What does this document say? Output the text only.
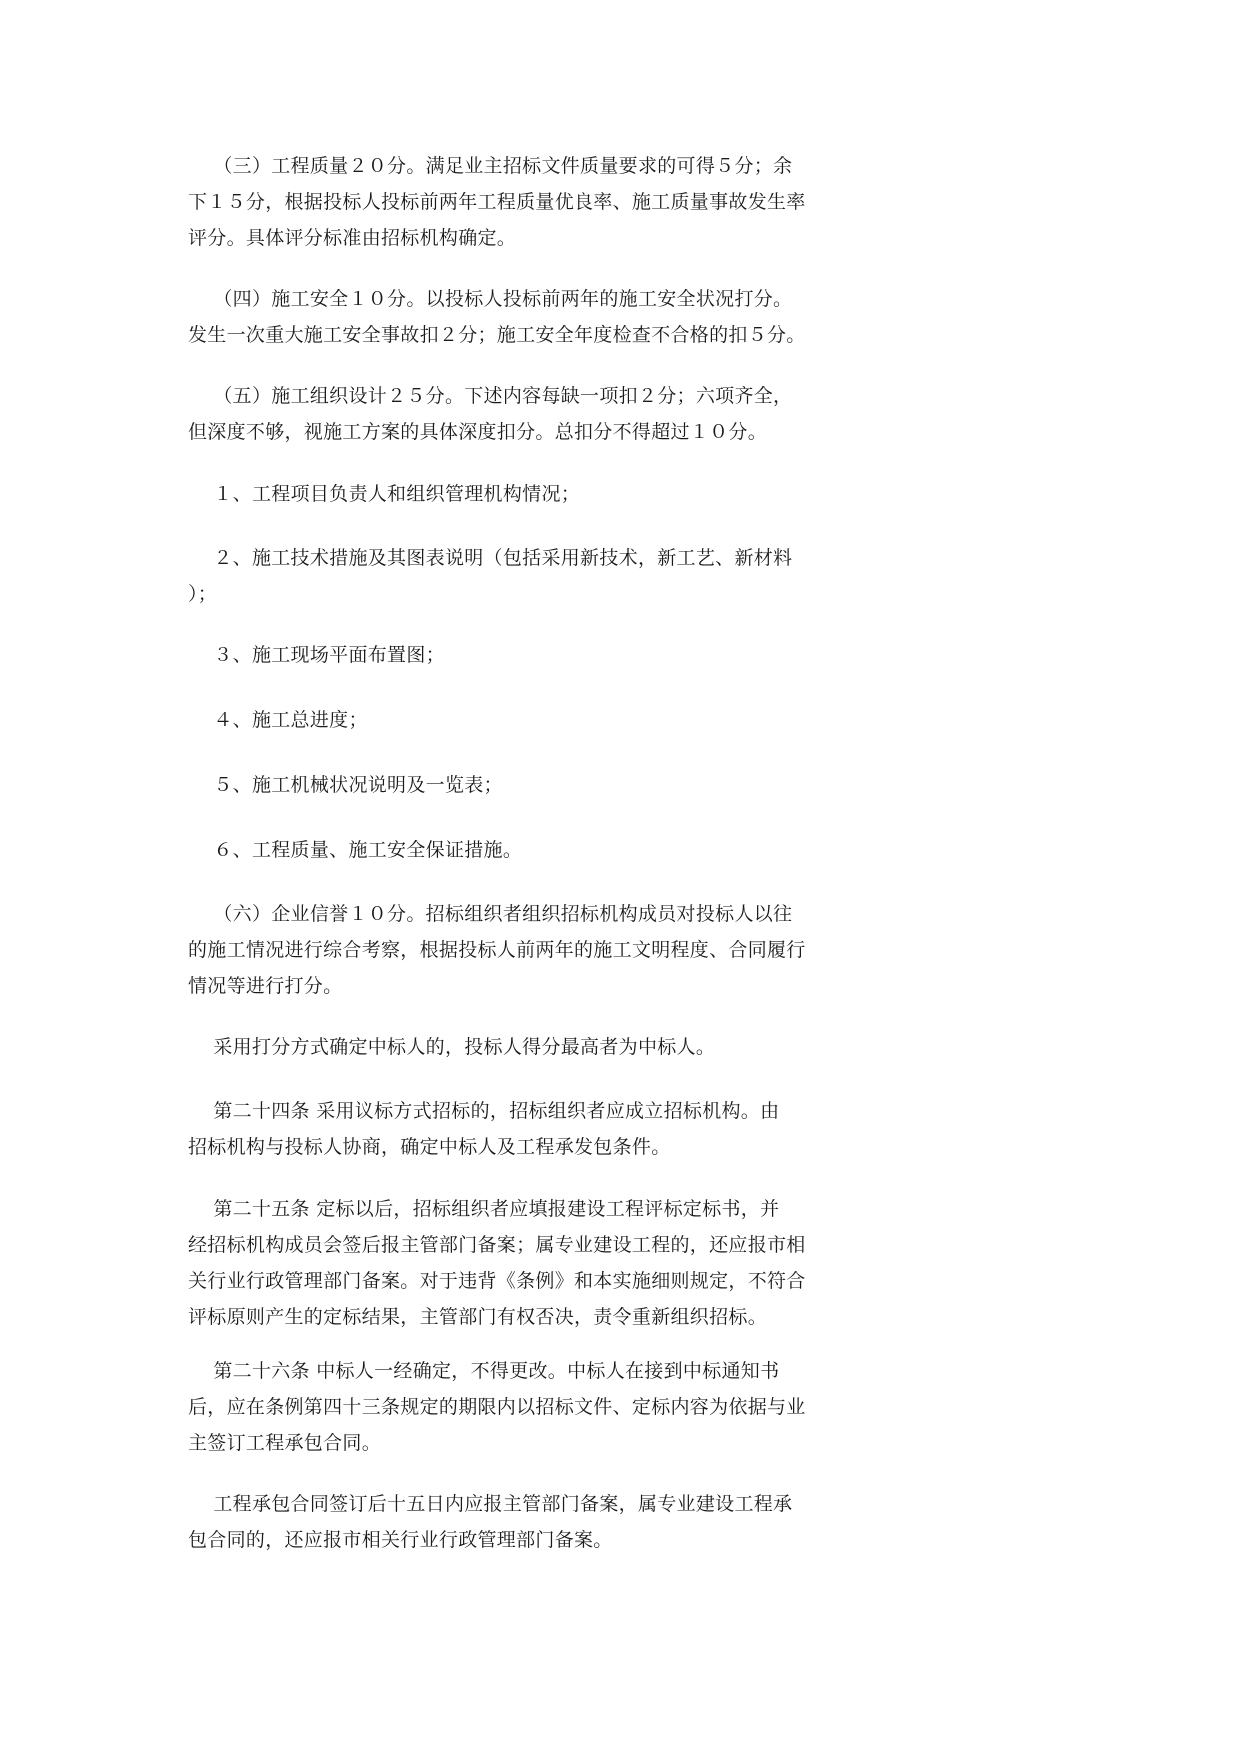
（三）工程质量２０分。满足业主招标文件质量要求的可得５分；余
下１５分，根据投标人投标前两年工程质量优良率、施工质量事故发生率
评分。具体评分标准由招标机构确定。
（四）施工安全１０分。以投标人投标前两年的施工安全状况打分。
发生一次重大施工安全事故扣２分；施工安全年度检查不合格的扣５分。
（五）施工组织设计２５分。下述内容每缺一项扣２分；六项齐全，
但深度不够，视施工方案的具体深度扣分。总扣分不得超过１０分。
１、工程项目负责人和组织管理机构情况；
２、施工技术措施及其图表说明（包括采用新技术，新工艺、新材料
）；
３、施工现场平面布置图；
４、施工总进度；
５、施工机械状况说明及一览表；
６、工程质量、施工安全保证措施。
（六）企业信誉１０分。招标组织者组织招标机构成员对投标人以往
的施工情况进行综合考察，根据投标人前两年的施工文明程度、合同履行
情况等进行打分。
采用打分方式确定中标人的，投标人得分最高者为中标人。
第二十四条 采用议标方式招标的，招标组织者应成立招标机构。由
招标机构与投标人协商，确定中标人及工程承发包条件。
第二十五条 定标以后，招标组织者应填报建设工程评标定标书，并
经招标机构成员会签后报主管部门备案；属专业建设工程的，还应报市相
关行业行政管理部门备案。对于违背《条例》和本实施细则规定，不符合
评标原则产生的定标结果，主管部门有权否决，责令重新组织招标。
第二十六条 中标人一经确定，不得更改。中标人在接到中标通知书
后，应在条例第四十三条规定的期限内以招标文件、定标内容为依据与业
主签订工程承包合同。
工程承包合同签订后十五日内应报主管部门备案，属专业建设工程承
包合同的，还应报市相关行业行政管理部门备案。
